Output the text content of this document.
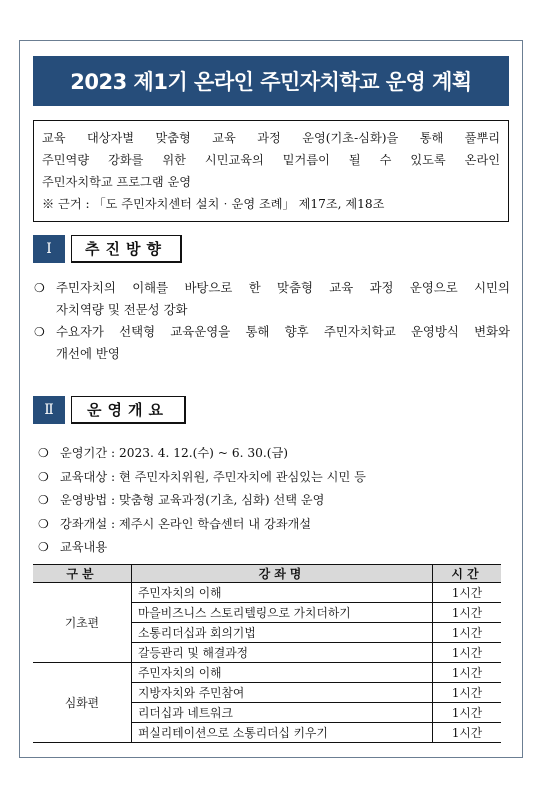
2023 제1기 온라인 주민자치학교 운영 계획

교육 대상자별 맞춤형 교육 과정 운영(기초-심화)을 통해 풀뿌리

주민역량 강화를 위한 시민교육의 밑거름이 될 수 있도록 온라인

주민자치학교 프로그램 운영

※ 근거 : 「도 주민자치센터 설치‧운영 조례」 제17조, 제18조

Ⅰ	추진방향
❍ 주민자치의 이해를 바탕으로 한 맞춤형 교육 과정 운영으로 시민의

자치역량 및 전문성 강화

❍ 수요자가 선택형 교육운영을 통해 향후 주민자치학교 운영방식 변화와

개선에 반영

Ⅱ	운영개요
❍ 운영기간 : 2023. 4. 12.(수) ~ 6. 30.(금)
❍ 교육대상 : 현 주민자치위원, 주민자치에 관심있는 시민 등
❍ 운영방법 : 맞춤형 교육과정(기초, 심화) 선택 운영
❍ 강좌개설 : 제주시 온라인 학습센터 내 강좌개설
❍ 교육내용
구분	강좌명	시간
기초편	주민자치의 이해	1시간
	마을비즈니스 스토리텔링으로 가치더하기	1시간
	소통리더십과 회의기법	1시간
	갈등관리 및 해결과정	1시간
심화편	주민자치의 이해	1시간
	지방자치와 주민참여	1시간
	리더십과 네트워크	1시간
	퍼실리테이션으로 소통리더십 키우기	1시간
